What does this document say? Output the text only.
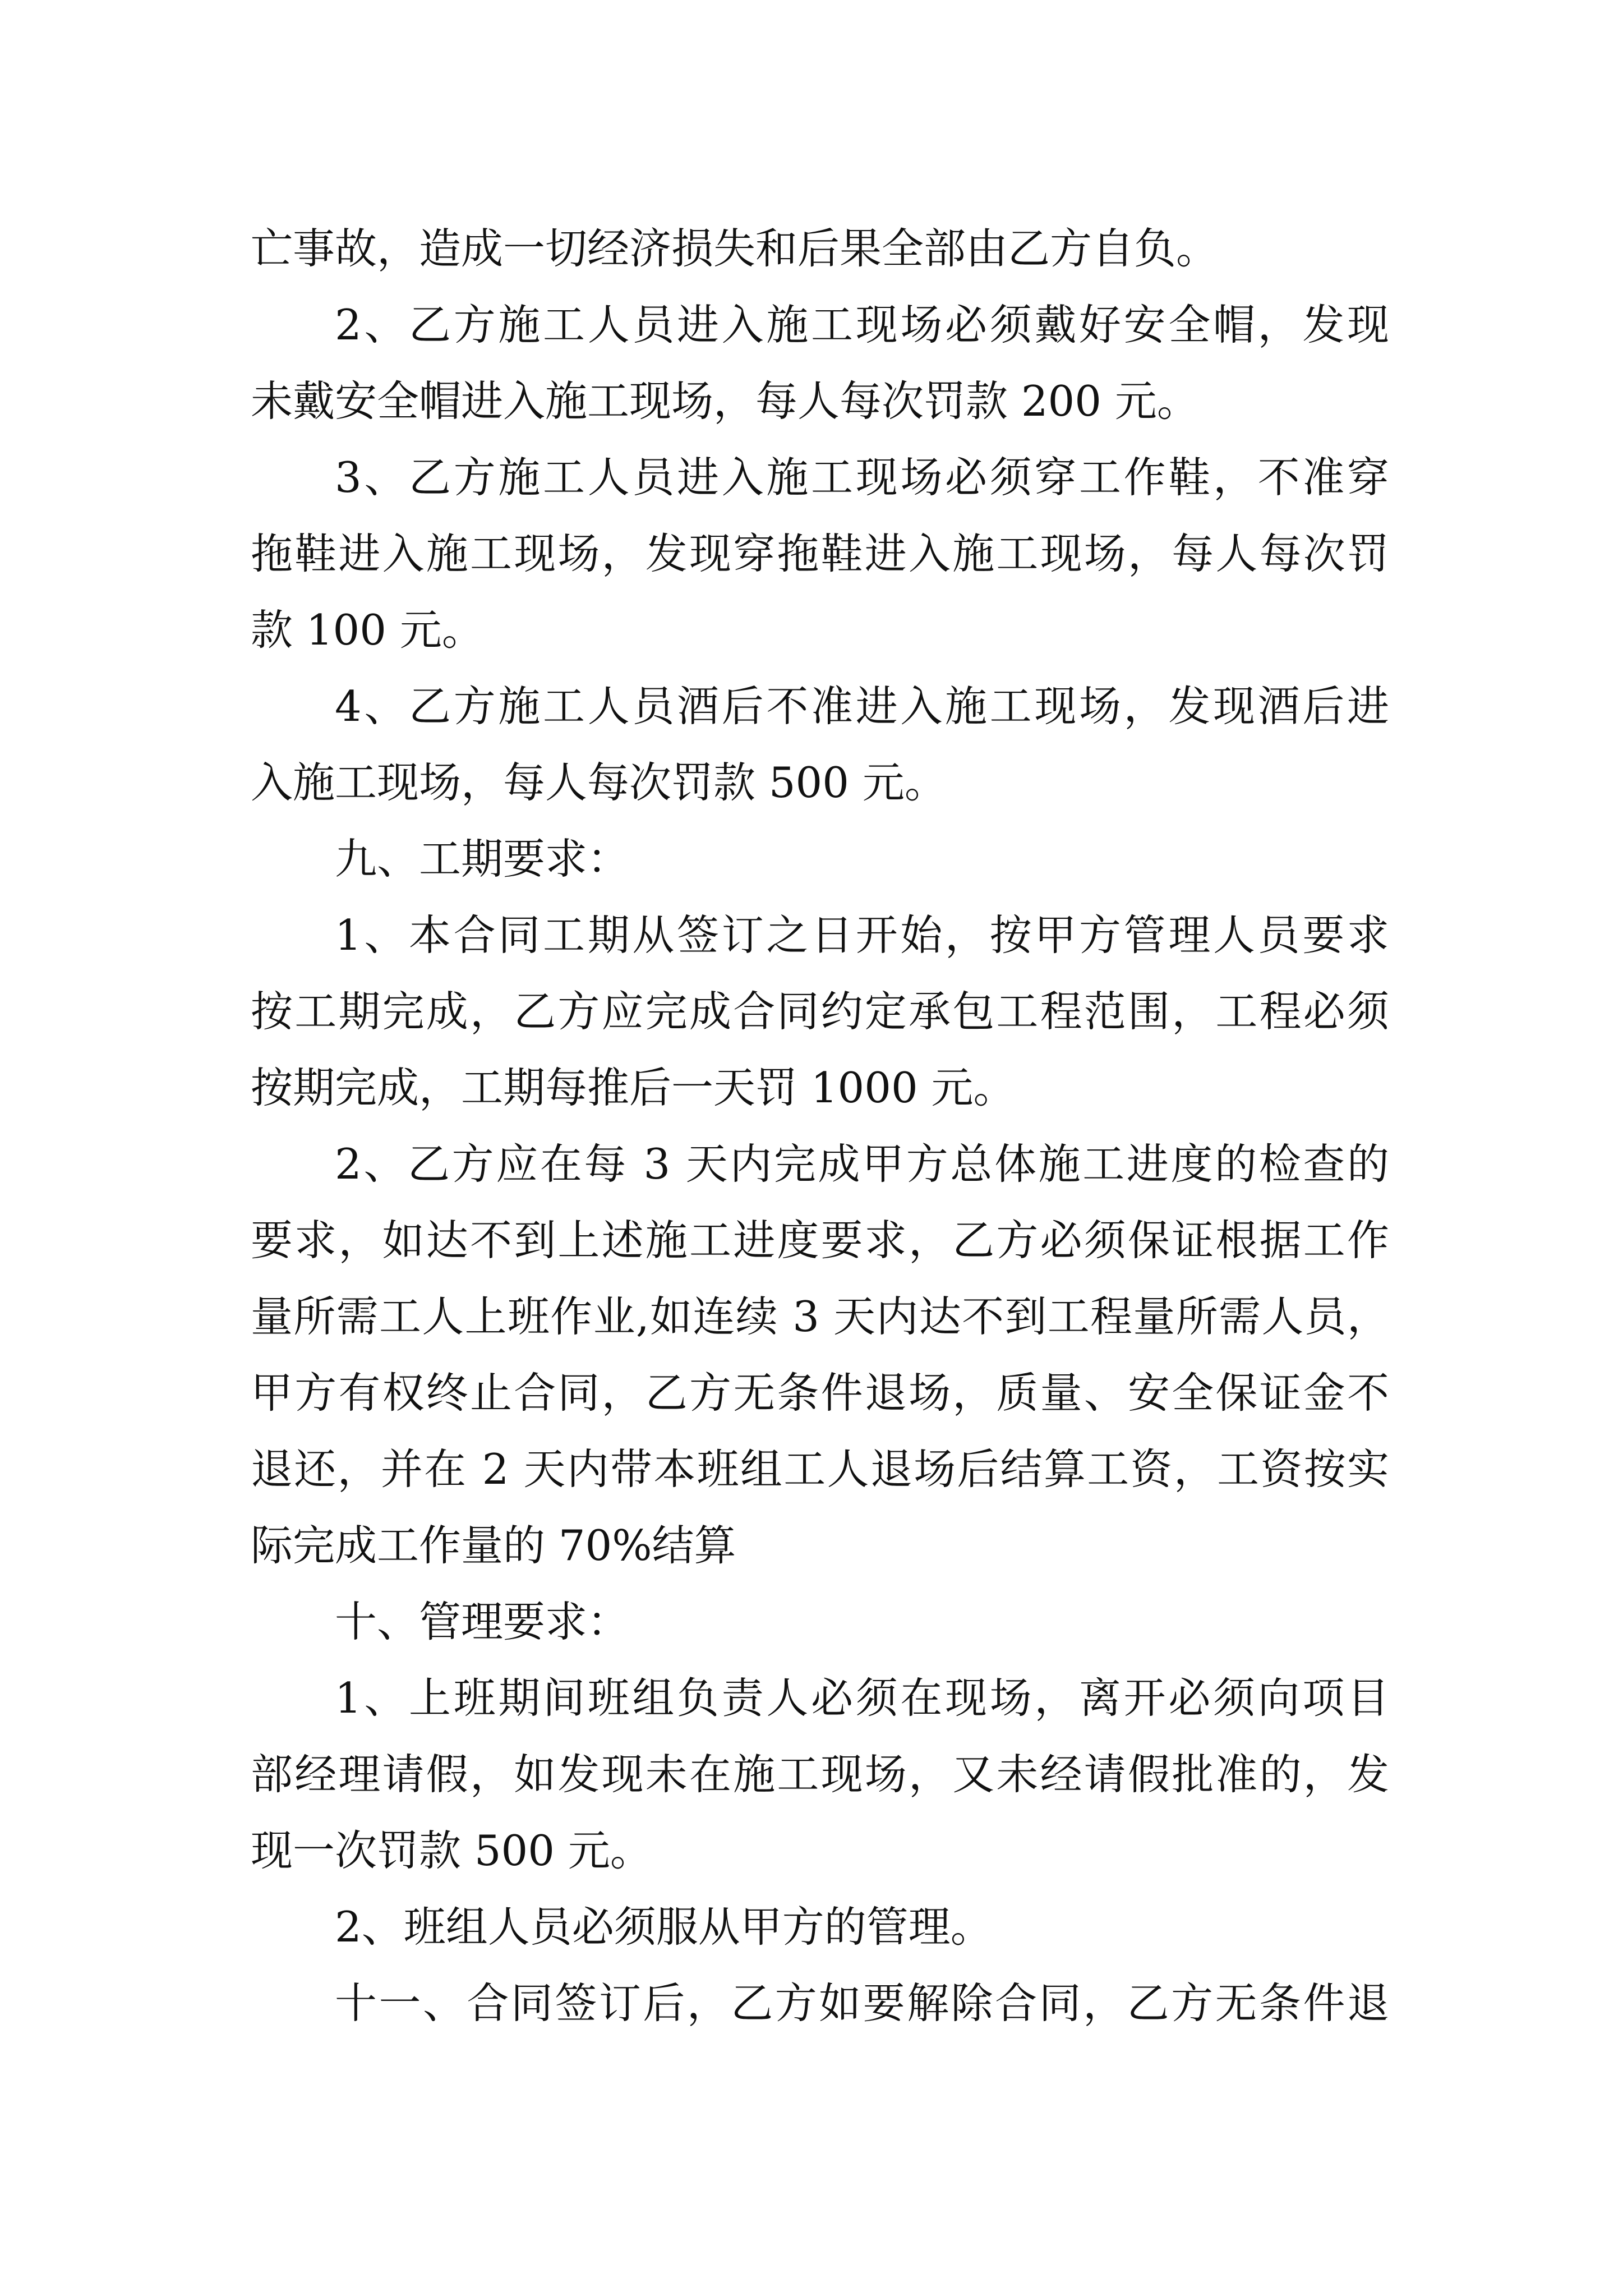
亡事故，造成一切经济损失和后果全部由乙方自负。
2、乙方施工人员进入施工现场必须戴好安全帽，发现
未戴安全帽进入施工现场，每人每次罚款 200 元。
3、乙方施工人员进入施工现场必须穿工作鞋，不准穿
拖鞋进入施工现场，发现穿拖鞋进入施工现场，每人每次罚
款 100 元。
4、乙方施工人员酒后不准进入施工现场，发现酒后进
入施工现场，每人每次罚款 500 元。
九、工期要求：
1、本合同工期从签订之日开始，按甲方管理人员要求
按工期完成，乙方应完成合同约定承包工程范围，工程必须
按期完成，工期每推后一天罚 1000 元。
2、乙方应在每 3 天内完成甲方总体施工进度的检查的
要求，如达不到上述施工进度要求，乙方必须保证根据工作
量所需工人上班作业,如连续 3 天内达不到工程量所需人员，
甲方有权终止合同，乙方无条件退场，质量、安全保证金不
退还，并在 2 天内带本班组工人退场后结算工资，工资按实
际完成工作量的 70%结算
十、管理要求：
1、上班期间班组负责人必须在现场，离开必须向项目
部经理请假，如发现未在施工现场，又未经请假批准的，发
现一次罚款 500 元。
2、班组人员必须服从甲方的管理。
十一、合同签订后，乙方如要解除合同，乙方无条件退
